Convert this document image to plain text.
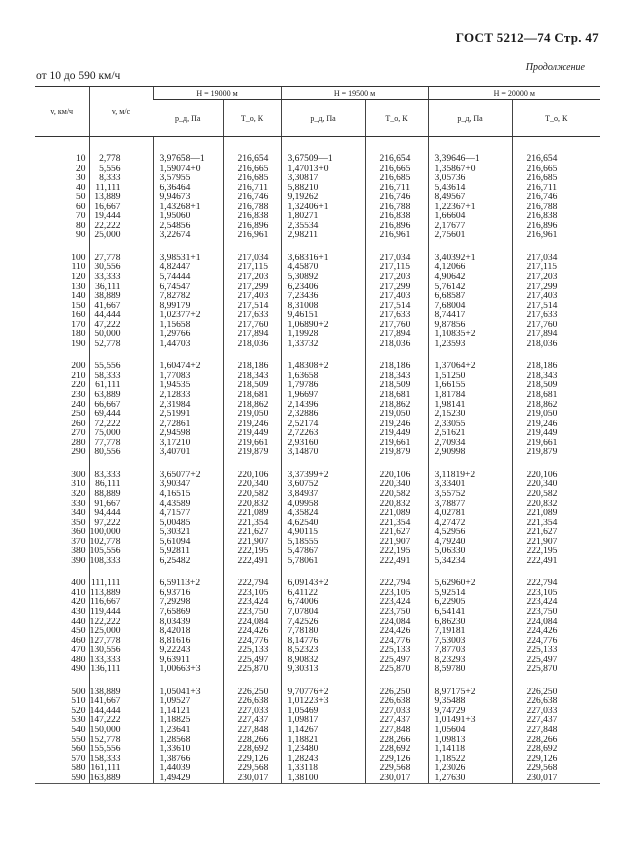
ГОСТ 5212—74 Стр. 47
Продолжение
от 10 до 590 км/ч
v, км/ч	v, м/с	H = 19000 м		H = 19500 м		H = 20000 м	
		p_д, Па	T_о, К	p_д, Па	T_о, К	p_д, Па	T_о, К
10	2,778	3,97658—1	216,654	3,67509—1	216,654	3,39646—1	216,654
20	5,556	1,59074+0	216,665	1,47013+0	216,665	1,35867+0	216,665
30	8,333	3,57955	216,685	3,30817	216,685	3,05736	216,685
40	11,111	6,36464	216,711	5,88210	216,711	5,43614	216,711
50	13,889	9,94673	216,746	9,19262	216,746	8,49567	216,746
60	16,667	1,43268+1	216,788	1,32406+1	216,788	1,22367+1	216,788
70	19,444	1,95060	216,838	1,80271	216,838	1,66604	216,838
80	22,222	2,54856	216,896	2,35534	216,896	2,17677	216,896
90	25,000	3,22674	216,961	2,98211	216,961	2,75601	216,961

100	27,778	3,98531+1	217,034	3,68316+1	217,034	3,40392+1	217,034
110	30,556	4,82447	217,115	4,45870	217,115	4,12066	217,115
120	33,333	5,74444	217,203	5,30892	217,203	4,90642	217,203
130	36,111	6,74547	217,299	6,23406	217,299	5,76142	217,299
140	38,889	7,82782	217,403	7,23436	217,403	6,68587	217,403
150	41,667	8,99179	217,514	8,31008	217,514	7,68004	217,514
160	44,444	1,02377+2	217,633	9,46151	217,633	8,74417	217,633
170	47,222	1,15658	217,760	1,06890+2	217,760	9,87856	217,760
180	50,000	1,29766	217,894	1,19928	217,894	1,10835+2	217,894
190	52,778	1,44703	218,036	1,33732	218,036	1,23593	218,036

200	55,556	1,60474+2	218,186	1,48308+2	218,186	1,37064+2	218,186
210	58,333	1,77083	218,343	1,63658	218,343	1,51250	218,343
220	61,111	1,94535	218,509	1,79786	218,509	1,66155	218,509
230	63,889	2,12833	218,681	1,96697	218,681	1,81784	218,681
240	66,667	2,31984	218,862	2,14396	218,862	1,98141	218,862
250	69,444	2,51991	219,050	2,32886	219,050	2,15230	219,050
260	72,222	2,72861	219,246	2,52174	219,246	2,33055	219,246
270	75,000	2,94598	219,449	2,72263	219,449	2,51621	219,449
280	77,778	3,17210	219,661	2,93160	219,661	2,70934	219,661
290	80,556	3,40701	219,879	3,14870	219,879	2,90998	219,879

300	83,333	3,65077+2	220,106	3,37399+2	220,106	3,11819+2	220,106
310	86,111	3,90347	220,340	3,60752	220,340	3,33401	220,340
320	88,889	4,16515	220,582	3,84937	220,582	3,55752	220,582
330	91,667	4,43589	220,832	4,09958	220,832	3,78877	220,832
340	94,444	4,71577	221,089	4,35824	221,089	4,02781	221,089
350	97,222	5,00485	221,354	4,62540	221,354	4,27472	221,354
360	100,000	5,30321	221,627	4,90115	221,627	4,52956	221,627
370	102,778	5,61094	221,907	5,18555	221,907	4,79240	221,907
380	105,556	5,92811	222,195	5,47867	222,195	5,06330	222,195
390	108,333	6,25482	222,491	5,78061	222,491	5,34234	222,491

400	111,111	6,59113+2	222,794	6,09143+2	222,794	5,62960+2	222,794
410	113,889	6,93716	223,105	6,41122	223,105	5,92514	223,105
420	116,667	7,29298	223,424	6,74006	223,424	6,22905	223,424
430	119,444	7,65869	223,750	7,07804	223,750	6,54141	223,750
440	122,222	8,03439	224,084	7,42526	224,084	6,86230	224,084
450	125,000	8,42018	224,426	7,78180	224,426	7,19181	224,426
460	127,778	8,81616	224,776	8,14776	224,776	7,53003	224,776
470	130,556	9,22243	225,133	8,52323	225,133	7,87703	225,133
480	133,333	9,63911	225,497	8,90832	225,497	8,23293	225,497
490	136,111	1,00663+3	225,870	9,30313	225,870	8,59780	225,870

500	138,889	1,05041+3	226,250	9,70776+2	226,250	8,97175+2	226,250
510	141,667	1,09527	226,638	1,01223+3	226,638	9,35488	226,638
520	144,444	1,14121	227,033	1,05469	227,033	9,74729	227,033
530	147,222	1,18825	227,437	1,09817	227,437	1,01491+3	227,437
540	150,000	1,23641	227,848	1,14267	227,848	1,05604	227,848
550	152,778	1,28568	228,266	1,18821	228,266	1,09813	228,266
560	155,556	1,33610	228,692	1,23480	228,692	1,14118	228,692
570	158,333	1,38766	229,126	1,28243	229,126	1,18522	229,126
580	161,111	1,44039	229,568	1,33118	229,568	1,23026	229,568
590	163,889	1,49429	230,017	1,38100	230,017	1,27630	230,017
